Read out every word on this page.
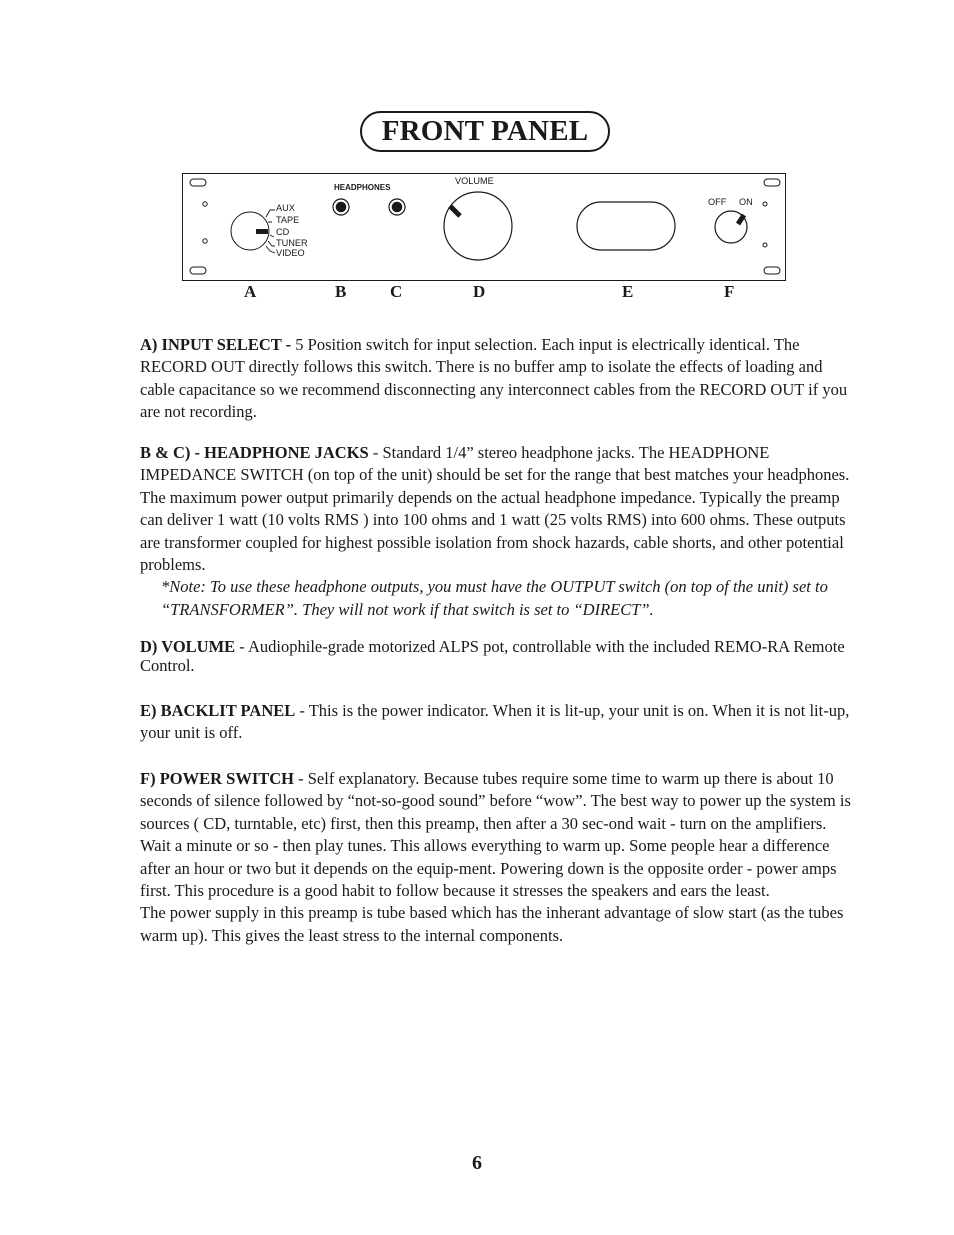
FRONT PANEL
AUX
TAPE
CD
TUNER
VIDEO
HEADPHONES
VOLUME
OFF ON
A	B	C	D	E	F
A) INPUT SELECT - 5 Position switch for input selection. Each input is electrically identical. The RECORD OUT directly follows this switch. There is no buffer amp to isolate the effects of loading and cable capacitance so we recommend disconnecting any interconnect cables from the RECORD OUT if you are not recording.
B & C) - HEADPHONE JACKS - Standard 1/4” stereo headphone jacks. The HEADPHONE IMPEDANCE SWITCH (on top of the unit) should be set for the range that best matches your headphones. The maximum power output primarily depends on the actual headphone impedance. Typically the preamp can deliver 1 watt (10 volts RMS ) into 100 ohms and 1 watt (25 volts RMS) into 600 ohms. These outputs are transformer coupled for highest possible isolation from shock hazards, cable shorts, and other potential problems.
*Note: To use these headphone outputs, you must have the OUTPUT switch (on top of the unit) set to “TRANSFORMER”. They will not work if that switch is set to “DIRECT”.
D) VOLUME - Audiophile-grade motorized ALPS pot, controllable with the included REMO-RA Remote Control.
E) BACKLIT PANEL - This is the power indicator. When it is lit-up, your unit is on. When it is not lit-up, your unit is off.
F) POWER SWITCH - Self explanatory. Because tubes require some time to warm up there is about 10 seconds of silence followed by “not-so-good sound” before “wow”. The best way to power up the system is sources ( CD, turntable, etc) first, then this preamp, then after a 30 sec-ond wait - turn on the amplifiers. Wait a minute or so - then play tunes. This allows everything to warm up. Some people hear a difference after an hour or two but it depends on the equip-ment. Powering down is the opposite order - power amps first. This procedure is a good habit to follow because it stresses the speakers and ears the least.
The power supply in this preamp is tube based which has the inherant advantage of slow start (as the tubes warm up). This gives the least stress to the internal components.
6
